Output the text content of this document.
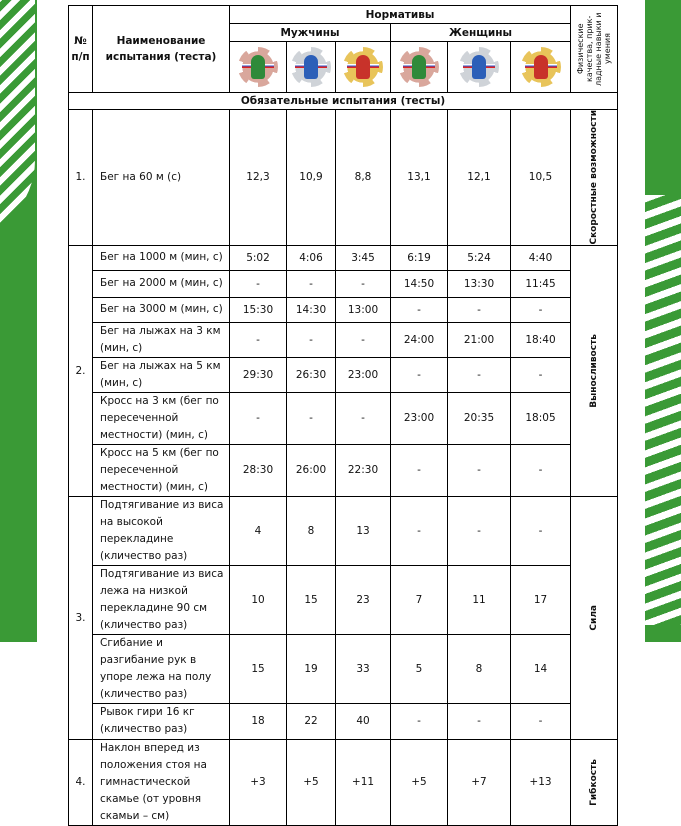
№ п/п	Наименование испытания (теста)	Нормативы						Физические качества, прик-ладные навыки и умения

		Мужчины			Женщины			

Обязательные испытания (тесты)								
1.	Бег на 60 м (с)	12,3	10,9	8,8	13,1	12,1	10,5	Скоростные возможности

2.	Бег на 1000 м (мин, с)	5:02	4:06	3:45	6:19	5:24	4:40	Выносливость

	Бег на 2000 м (мин, с)	-	-	-	14:50	13:30	11:45	
	Бег на 3000 м (мин, с)	15:30	14:30	13:00	-	-	-	
	Бег на лыжах на 3 км (мин, с)	-	-	-	24:00	21:00	18:40	
	Бег на лыжах на 5 км (мин, с)	29:30	26:30	23:00	-	-	-	
	Кросс на 3 км (бег по пересеченной местности) (мин, с)	-	-	-	23:00	20:35	18:05	
	Кросс на 5 км (бег по пересеченной местности) (мин, с)	28:30	26:00	22:30	-	-	-	
3.	Подтягивание из виса на высокой перекладине (кличество раз)	4	8	13	-	-	-	Сила

	Подтягивание из виса лежа на низкой перекладине 90 см (кличество раз)	10	15	23	7	11	17	
	Сгибание и разгибание рук в упоре лежа на полу (кличество раз)	15	19	33	5	8	14	
	Рывок гири 16 кг (кличество раз)	18	22	40	-	-	-	
4.	Наклон вперед из положения стоя на гимнастической скамье (от уровня скамьи – см)	+3	+5	+11	+5	+7	+13	Гибкость
